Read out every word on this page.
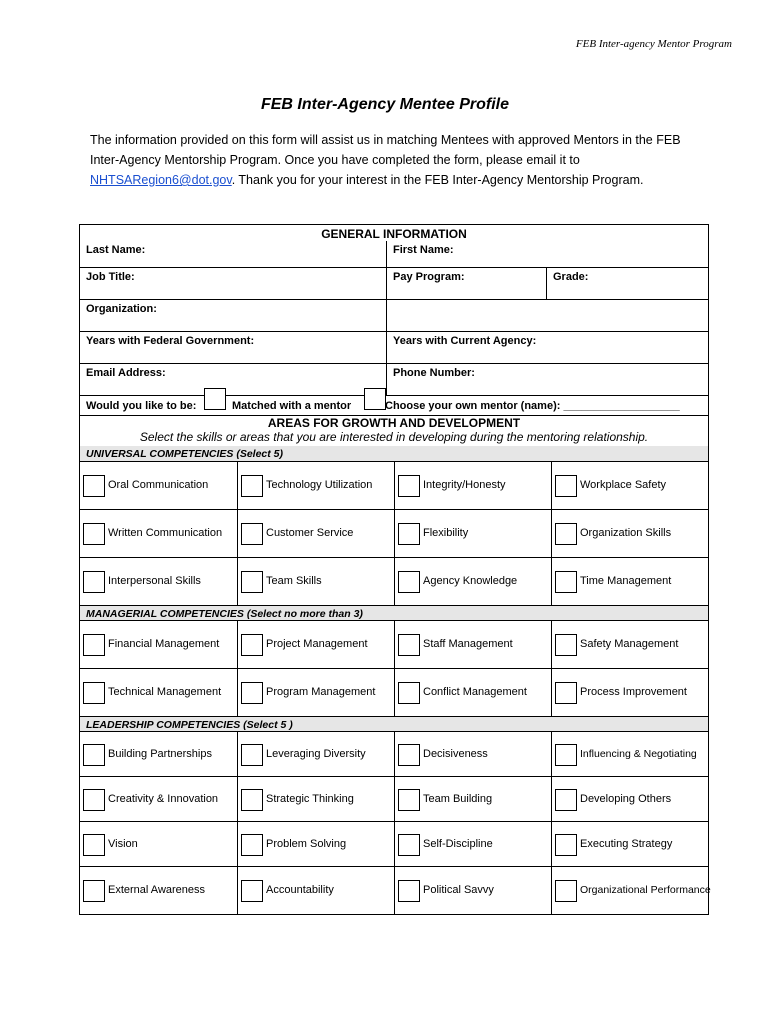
FEB Inter-agency Mentor Program
FEB Inter-Agency Mentee Profile
The information provided on this form will assist us in matching Mentees with approved Mentors in the FEB Inter-Agency Mentorship Program. Once you have completed the form, please email it to NHTSARegion6@dot.gov. Thank you for your interest in the FEB Inter-Agency Mentorship Program.
GENERAL INFORMATION
Last Name:	First Name:
Job Title:	Pay Program:	Grade:
Organization:
Years with Federal Government:	Years with Current Agency:
Email Address:	Phone Number:
Would you like to be:	Matched with a mentor	Choose your own mentor (name): ___________________
AREAS FOR GROWTH AND DEVELOPMENT
Select the skills or areas that you are interested in developing during the mentoring relationship.
UNIVERSAL COMPETENCIES (Select 5)
Oral Communication	Technology Utilization	Integrity/Honesty	Workplace Safety
Written Communication	Customer Service	Flexibility	Organization Skills
Interpersonal Skills	Team Skills	Agency Knowledge	Time Management
MANAGERIAL COMPETENCIES (Select no more than 3)
Financial Management	Project Management	Staff Management	Safety Management
Technical Management	Program Management	Conflict Management	Process Improvement
LEADERSHIP COMPETENCIES (Select 5 )
Building Partnerships	Leveraging Diversity	Decisiveness	Influencing & Negotiating
Creativity & Innovation	Strategic Thinking	Team Building	Developing Others
Vision	Problem Solving	Self-Discipline	Executing Strategy
External Awareness	Accountability	Political Savvy	Organizational Performance
